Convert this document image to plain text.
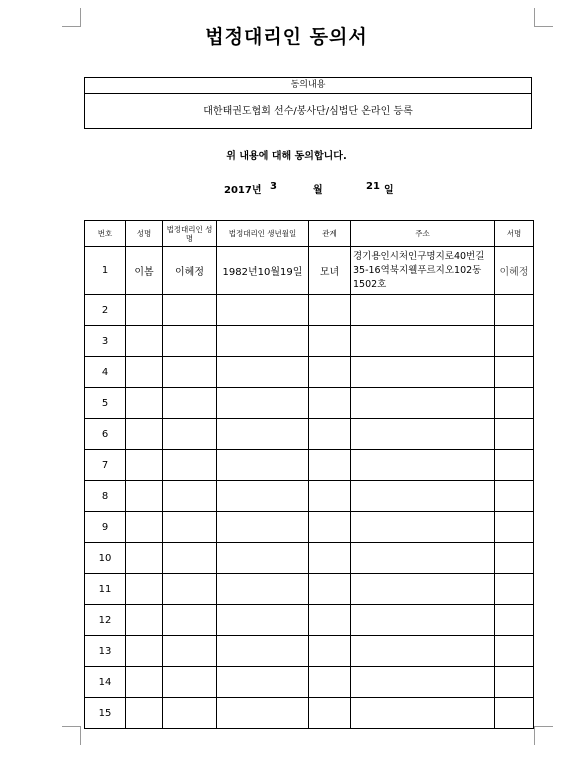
법정대리인 동의서
동의내용
대한태권도협회 선수/봉사단/심법단 온라인 등록
위 내용에 대해 동의합니다.
2017년 3	월	21 일
번호	성명	법정대리인 성명	법정대리인 생년월일	관계	주소	서명
1	이봄	이혜정	1982년10월19일	모녀	경기용인시처인구명지로40번길35-16역북지웰푸르지오102동1502호	이혜정
2						
3						
4						
5						
6						
7						
8						
9						
10						
11						
12						
13						
14						
15						
